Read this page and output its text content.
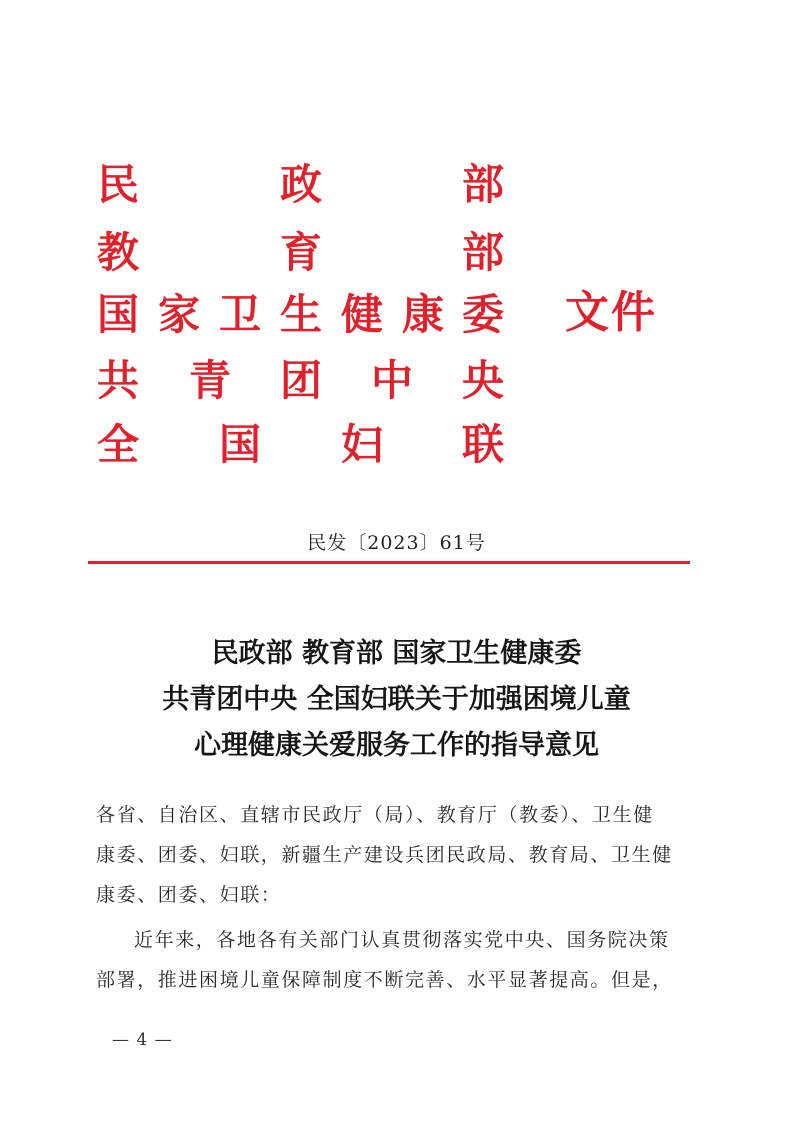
民	政	部
教	育	部
国 家 卫 生 健 康 委 文件
共 青 团 中 央
全 国 妇 联
民发〔2023〕61号
民政部 教育部 国家卫生健康委
共青团中央 全国妇联关于加强困境儿童
心理健康关爱服务工作的指导意见
各省、自治区、直辖市民政厅（局）、教育厅（教委）、卫生健
康委、团委、妇联，新疆生产建设兵团民政局、教育局、卫生健
康委、团委、妇联：
近年来，各地各有关部门认真贯彻落实党中央、国务院决策
部署，推进困境儿童保障制度不断完善、水平显著提高。但是，
— 4 —
